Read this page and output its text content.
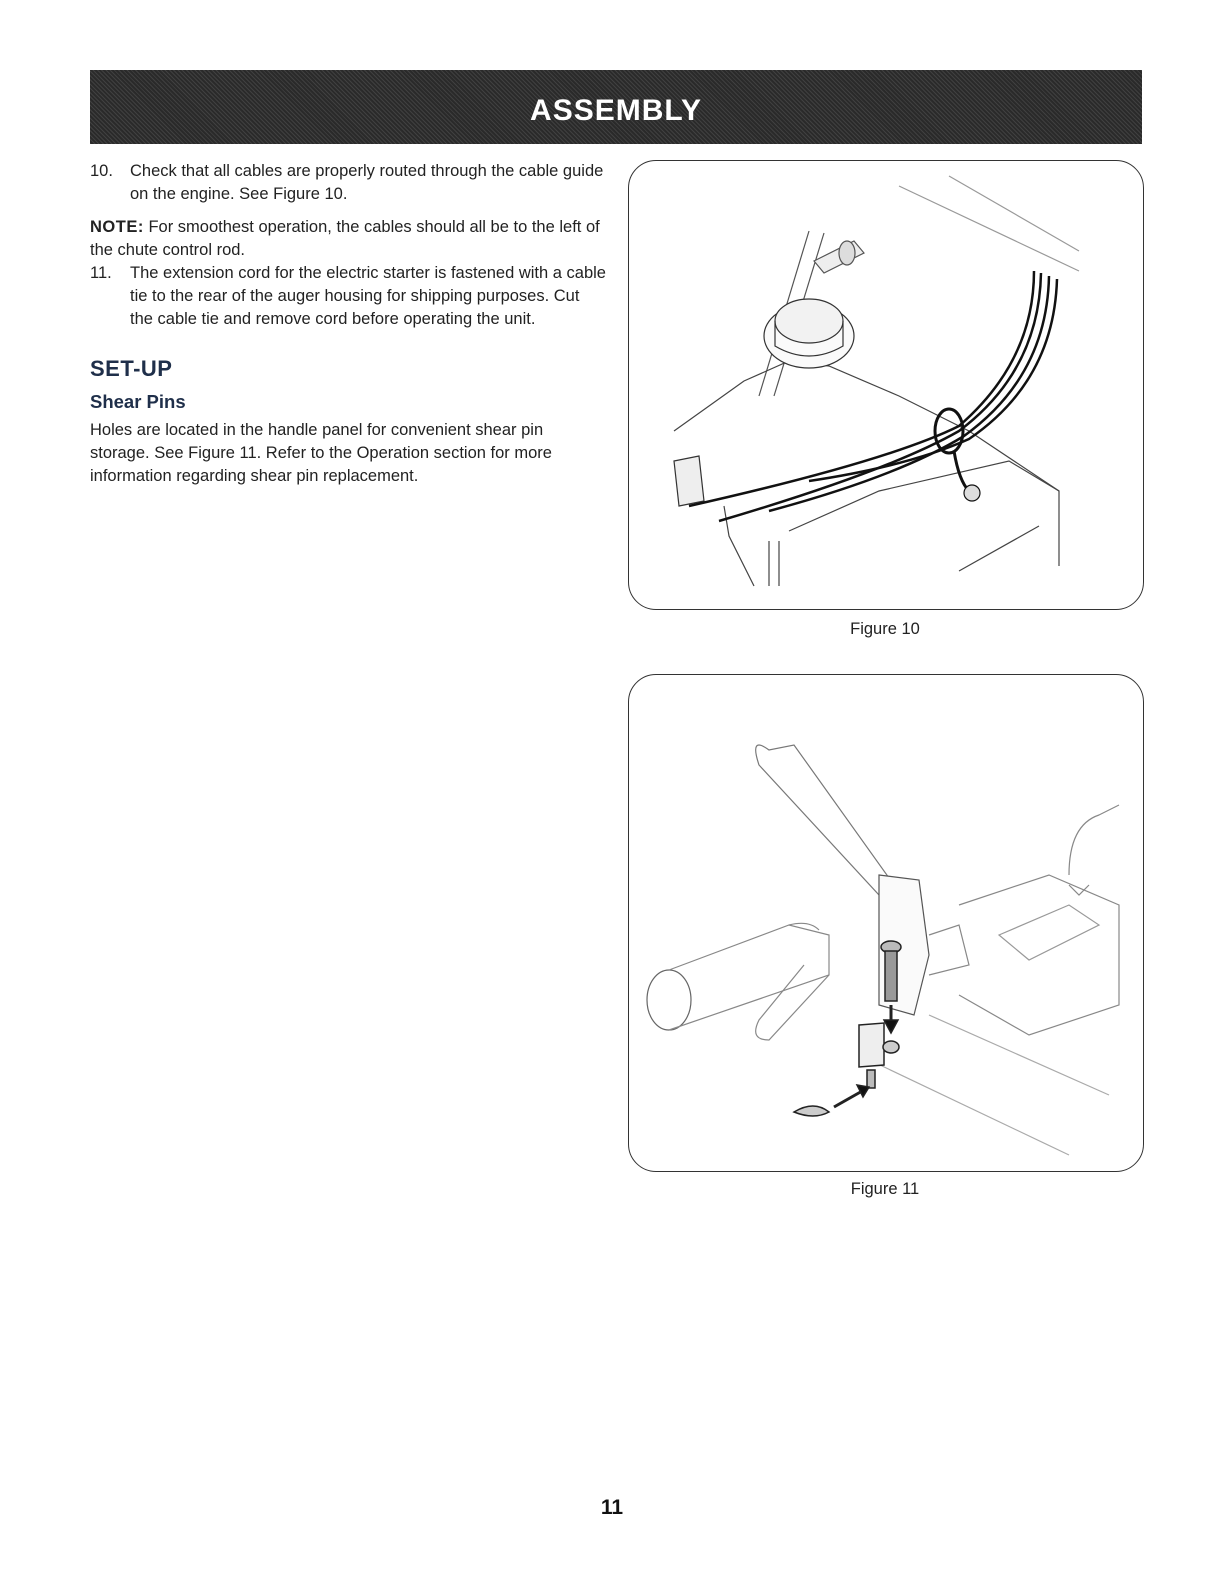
ASSEMBLY
10.	Check that all cables are properly routed through the cable guide on the engine. See Figure 10.

NOTE: For smoothest operation, the cables should all be to the left of the chute control rod.

11.	The extension cord for the electric starter is fastened with a cable tie to the rear of the auger housing for shipping purposes. Cut the cable tie and remove cord before operating the unit.
SET-UP
Shear Pins

Holes are located in the handle panel for convenient shear pin storage. See Figure 11. Refer to the Operation section for more information regarding shear pin replacement.

Figure 10
Figure 11
11
